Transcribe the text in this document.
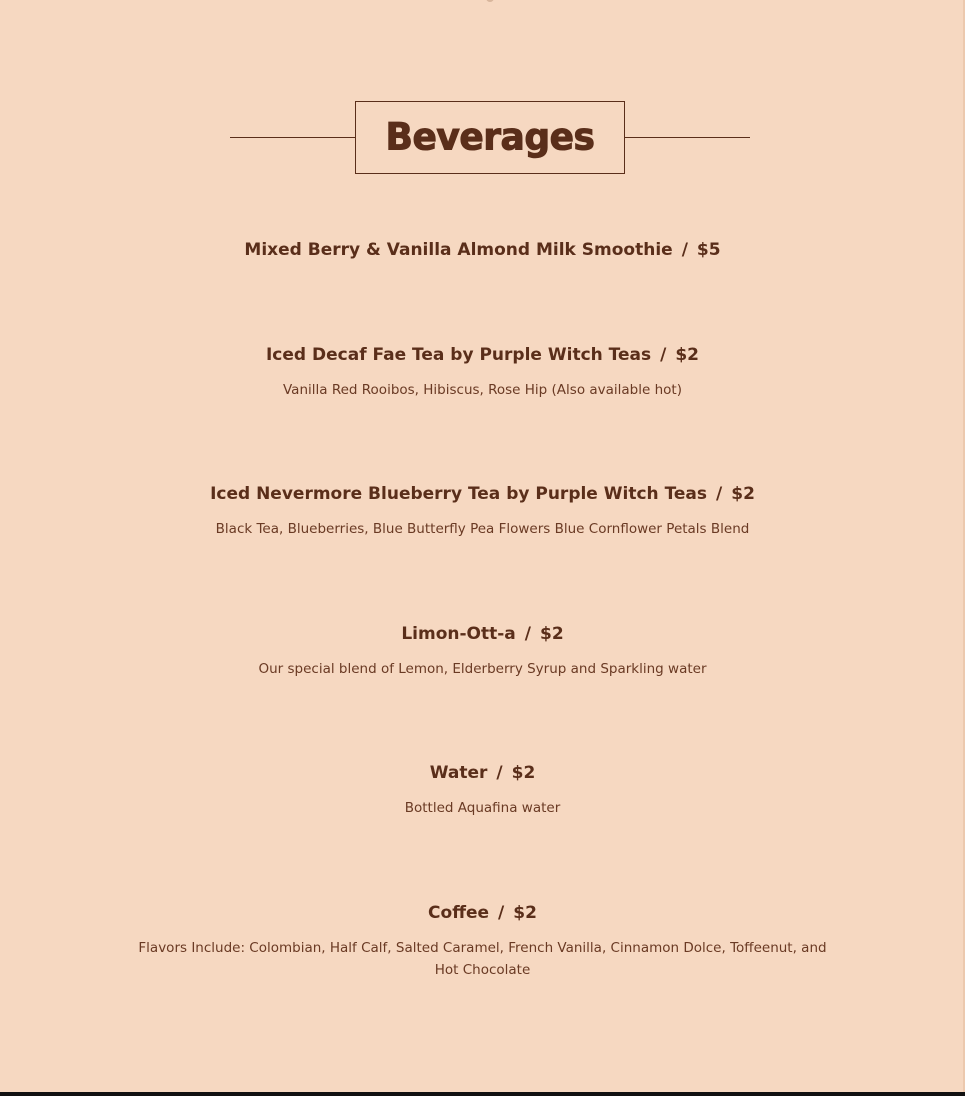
Beverages
Mixed Berry & Vanilla Almond Milk Smoothie / $5
Iced Decaf Fae Tea by Purple Witch Teas / $2
Vanilla Red Rooibos, Hibiscus, Rose Hip (Also available hot)
Iced Nevermore Blueberry Tea by Purple Witch Teas / $2
Black Tea, Blueberries, Blue Butterfly Pea Flowers Blue Cornflower Petals Blend
Limon-Ott-a / $2
Our special blend of Lemon, Elderberry Syrup and Sparkling water
Water / $2
Bottled Aquafina water
Coffee / $2
Flavors Include: Colombian, Half Calf, Salted Caramel, French Vanilla, Cinnamon Dolce, Toffeenut, and Hot Chocolate
